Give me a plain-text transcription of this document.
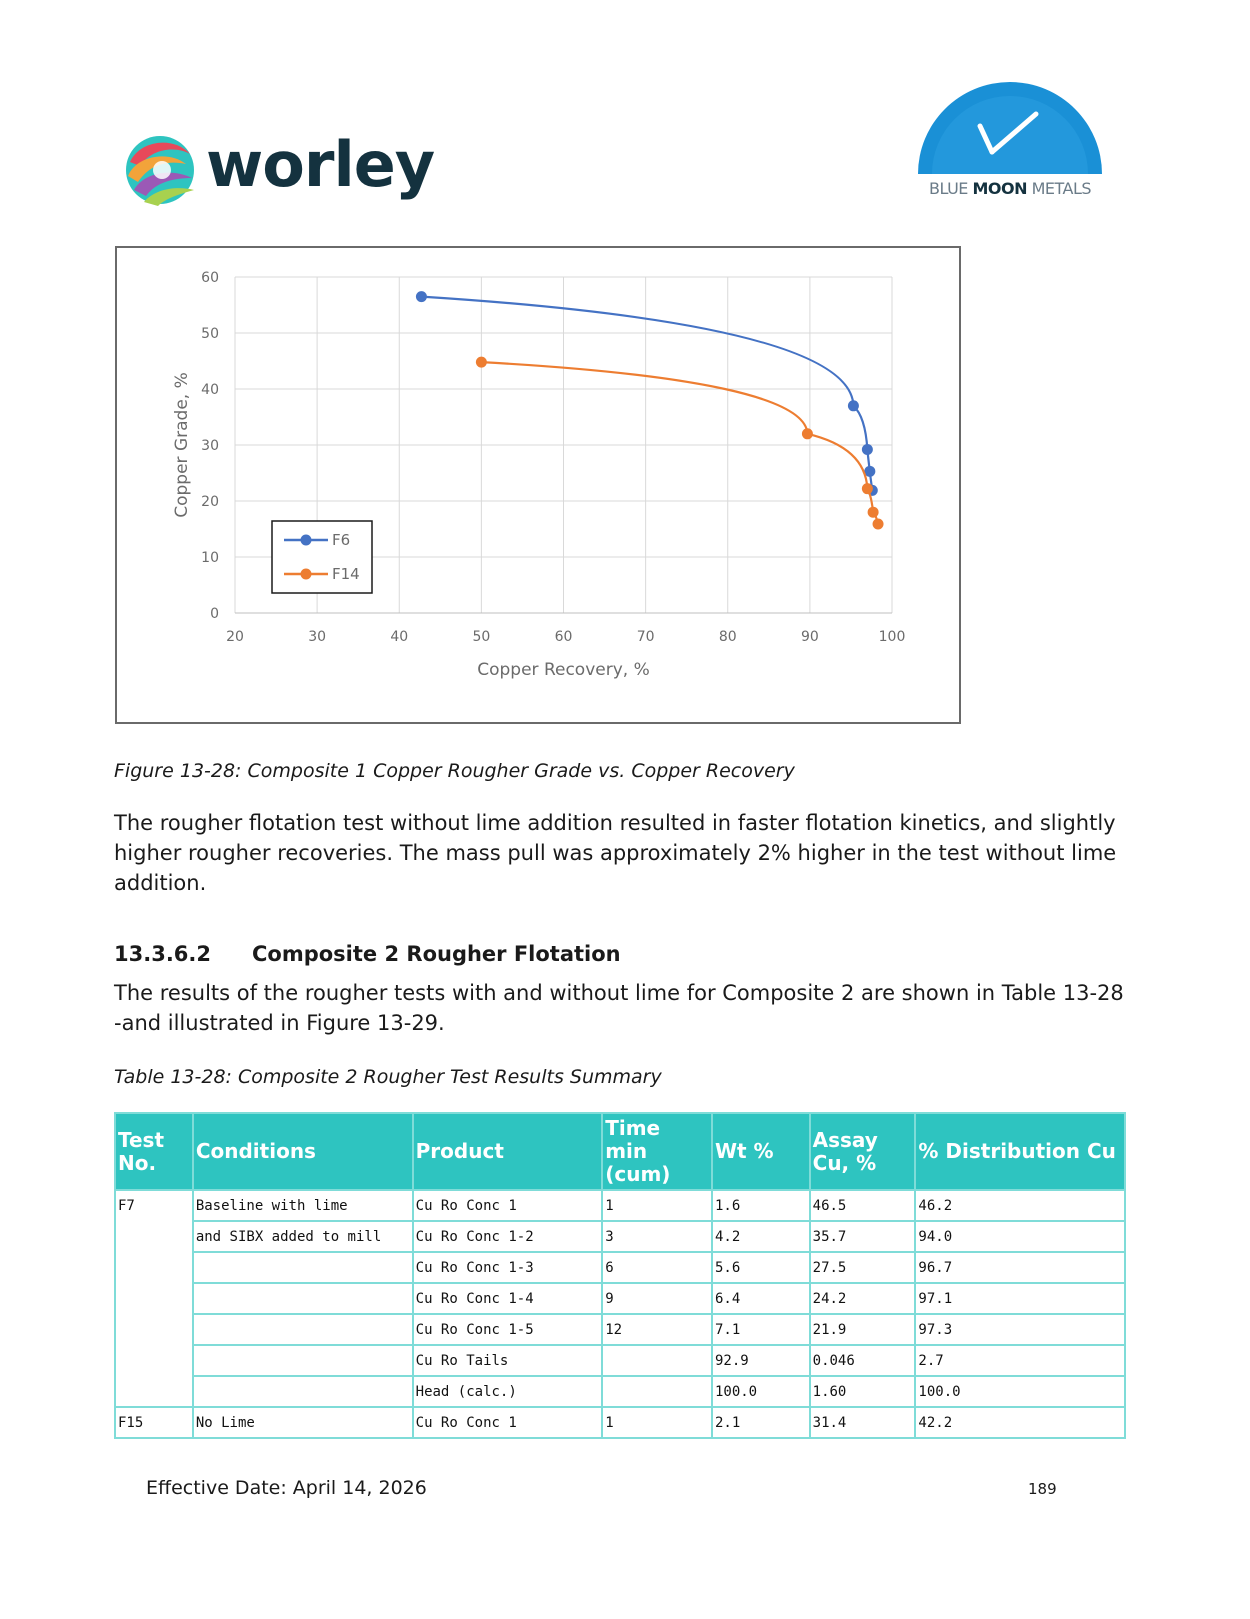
worley	BLUE MOON METALS
20	30	40	50	60	70	80	90	100
0
10
20
30
40
50
60
Copper Recovery, %
Copper Grade, %
F6
F14
Figure 13-28: Composite 1 Copper Rougher Grade vs. Copper Recovery
The rougher flotation test without lime addition resulted in faster flotation kinetics, and slightly higher rougher recoveries. The mass pull was approximately 2% higher in the test without lime addition.
13.3.6.2 Composite 2 Rougher Flotation
The results of the rougher tests with and without lime for Composite 2 are shown in Table 13-28 -and illustrated in Figure 13-29.
Table 13-28: Composite 2 Rougher Test Results Summary
Test No.	Conditions	Product	Time min (cum)	Wt %	Assay Cu, %	% Distribution Cu
F7	Baseline with lime	Cu Ro Conc 1	1	1.6	46.5	46.2
	and SIBX added to mill	Cu Ro Conc 1-2	3	4.2	35.7	94.0
		Cu Ro Conc 1-3	6	5.6	27.5	96.7
		Cu Ro Conc 1-4	9	6.4	24.2	97.1
		Cu Ro Conc 1-5	12	7.1	21.9	97.3
		Cu Ro Tails		92.9	0.046	2.7
		Head (calc.)		100.0	1.60	100.0
F15	No Lime	Cu Ro Conc 1	1	2.1	31.4	42.2
Effective Date: April 14, 2026	189
